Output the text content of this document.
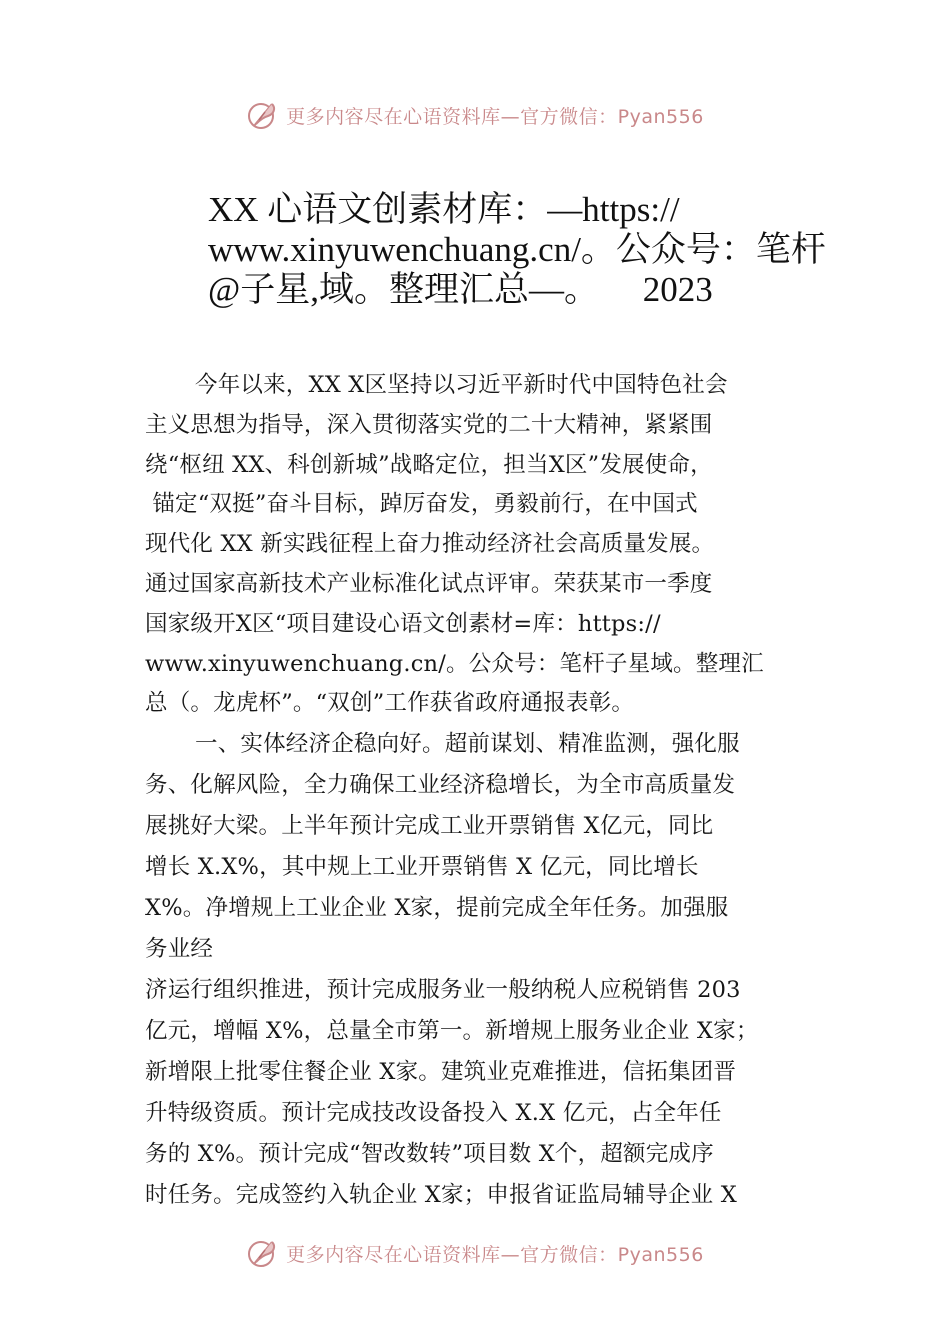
更多内容尽在心语资料库—官方微信：Pyan556
XX 心语文创素材库：—https://
www.xinyuwenchuang.cn/。公众号：笔杆
@子星,域。整理汇总—。     2023
今年以来，XX X区坚持以习近平新时代中国特色社会
主义思想为指导，深入贯彻落实党的二十大精神，紧紧围
绕“枢纽 XX、科创新城”战略定位，担当X区”发展使命，
锚定“双挺”奋斗目标，踔厉奋发，勇毅前行，在中国式
现代化 XX 新实践征程上奋力推动经济社会高质量发展。
通过国家高新技术产业标准化试点评审。荣获某市一季度
国家级开X区“项目建设心语文创素材=库：https://
www.xinyuwenchuang.cn/。公众号：笔杆子星域。整理汇
总（。龙虎杯”。“双创”工作获省政府通报表彰。
一、实体经济企稳向好。超前谋划、精准监测，强化服
务、化解风险，全力确保工业经济稳增长，为全市高质量发
展挑好大梁。上半年预计完成工业开票销售 X亿元，同比
增长 X.X%，其中规上工业开票销售 X 亿元，同比增长
X%。净增规上工业企业 X家，提前完成全年任务。加强服
务业经
济运行组织推进，预计完成服务业一般纳税人应税销售 203
亿元，增幅 X%，总量全市第一。新增规上服务业企业 X家；
新增限上批零住餐企业 X家。建筑业克难推进，信拓集团晋
升特级资质。预计完成技改设备投入 X.X 亿元，占全年任
务的 X%。预计完成“智改数转”项目数 X个，超额完成序
时任务。完成签约入轨企业 X家；申报省证监局辅导企业 X
更多内容尽在心语资料库—官方微信：Pyan556
